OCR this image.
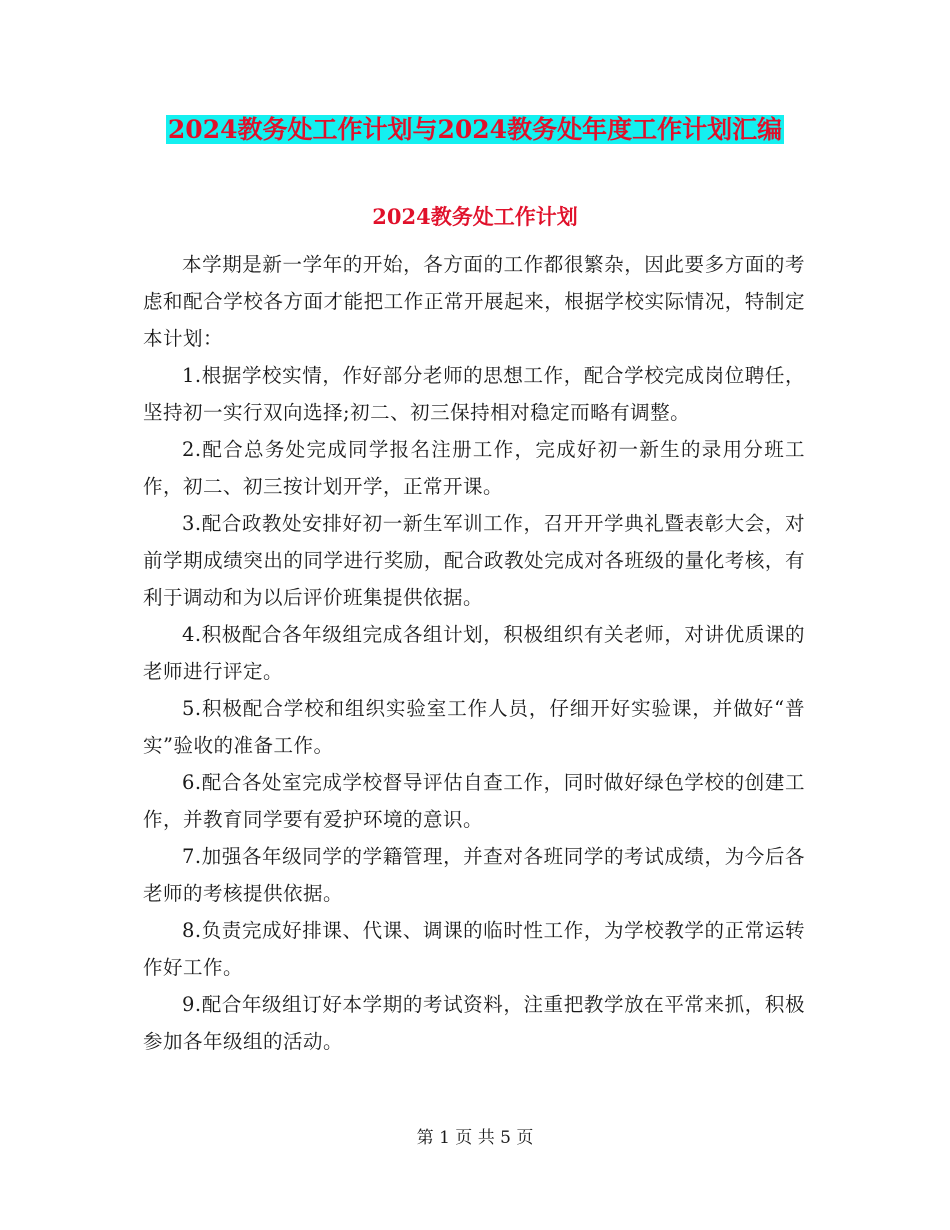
2024教务处工作计划与2024教务处年度工作计划汇编
2024教务处工作计划

本学期是新一学年的开始，各方面的工作都很繁杂，因此要多方面的考虑和配合学校各方面才能把工作正常开展起来，根据学校实际情况，特制定本计划：

1.根据学校实情，作好部分老师的思想工作，配合学校完成岗位聘任，坚持初一实行双向选择;初二、初三保持相对稳定而略有调整。

2.配合总务处完成同学报名注册工作，完成好初一新生的录用分班工作，初二、初三按计划开学，正常开课。

3.配合政教处安排好初一新生军训工作，召开开学典礼暨表彰大会，对前学期成绩突出的同学进行奖励，配合政教处完成对各班级的量化考核，有利于调动和为以后评价班集提供依据。

4.积极配合各年级组完成各组计划，积极组织有关老师，对讲优质课的老师进行评定。

5.积极配合学校和组织实验室工作人员，仔细开好实验课，并做好“普实”验收的准备工作。

6.配合各处室完成学校督导评估自查工作，同时做好绿色学校的创建工作，并教育同学要有爱护环境的意识。

7.加强各年级同学的学籍管理，并查对各班同学的考试成绩，为今后各老师的考核提供依据。

8.负责完成好排课、代课、调课的临时性工作，为学校教学的正常运转作好工作。

9.配合年级组订好本学期的考试资料，注重把教学放在平常来抓，积极参加各年级组的活动。

第 1 页 共 5 页
